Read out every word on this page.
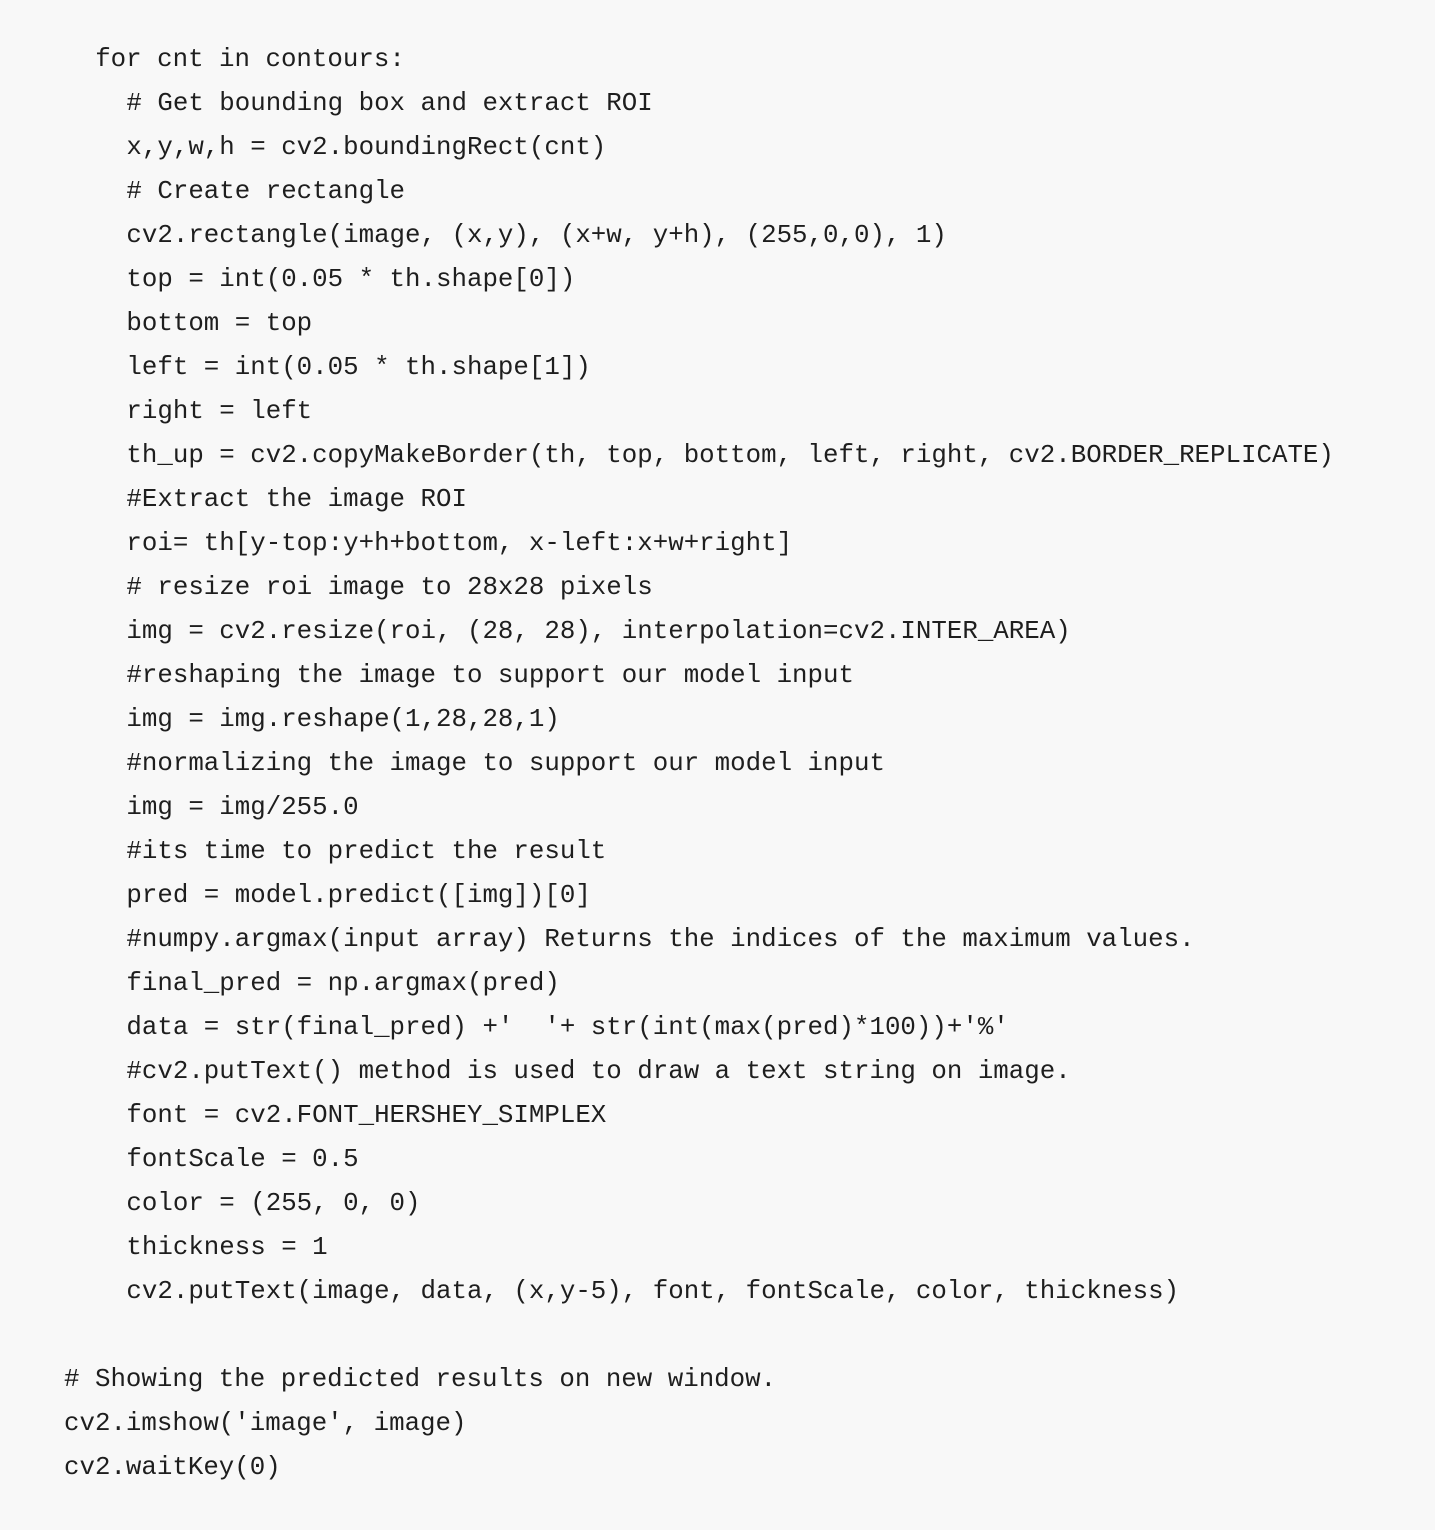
for cnt in contours:
# Get bounding box and extract ROI
x,y,w,h = cv2.boundingRect(cnt)
# Create rectangle
cv2.rectangle(image, (x,y), (x+w, y+h), (255,0,0), 1)
top = int(0.05 * th.shape[0])
bottom = top
left = int(0.05 * th.shape[1])
right = left
th_up = cv2.copyMakeBorder(th, top, bottom, left, right, cv2.BORDER_REPLICATE)
#Extract the image ROI
roi= th[y-top:y+h+bottom, x-left:x+w+right]
# resize roi image to 28x28 pixels
img = cv2.resize(roi, (28, 28), interpolation=cv2.INTER_AREA)
#reshaping the image to support our model input
img = img.reshape(1,28,28,1)
#normalizing the image to support our model input
img = img/255.0
#its time to predict the result
pred = model.predict([img])[0]
#numpy.argmax(input array) Returns the indices of the maximum values.
final_pred = np.argmax(pred)
data = str(final_pred) +'  '+ str(int(max(pred)*100))+'%'
#cv2.putText() method is used to draw a text string on image.
font = cv2.FONT_HERSHEY_SIMPLEX
fontScale = 0.5
color = (255, 0, 0)
thickness = 1
cv2.putText(image, data, (x,y-5), font, fontScale, color, thickness)
# Showing the predicted results on new window.
cv2.imshow('image', image)
cv2.waitKey(0)
